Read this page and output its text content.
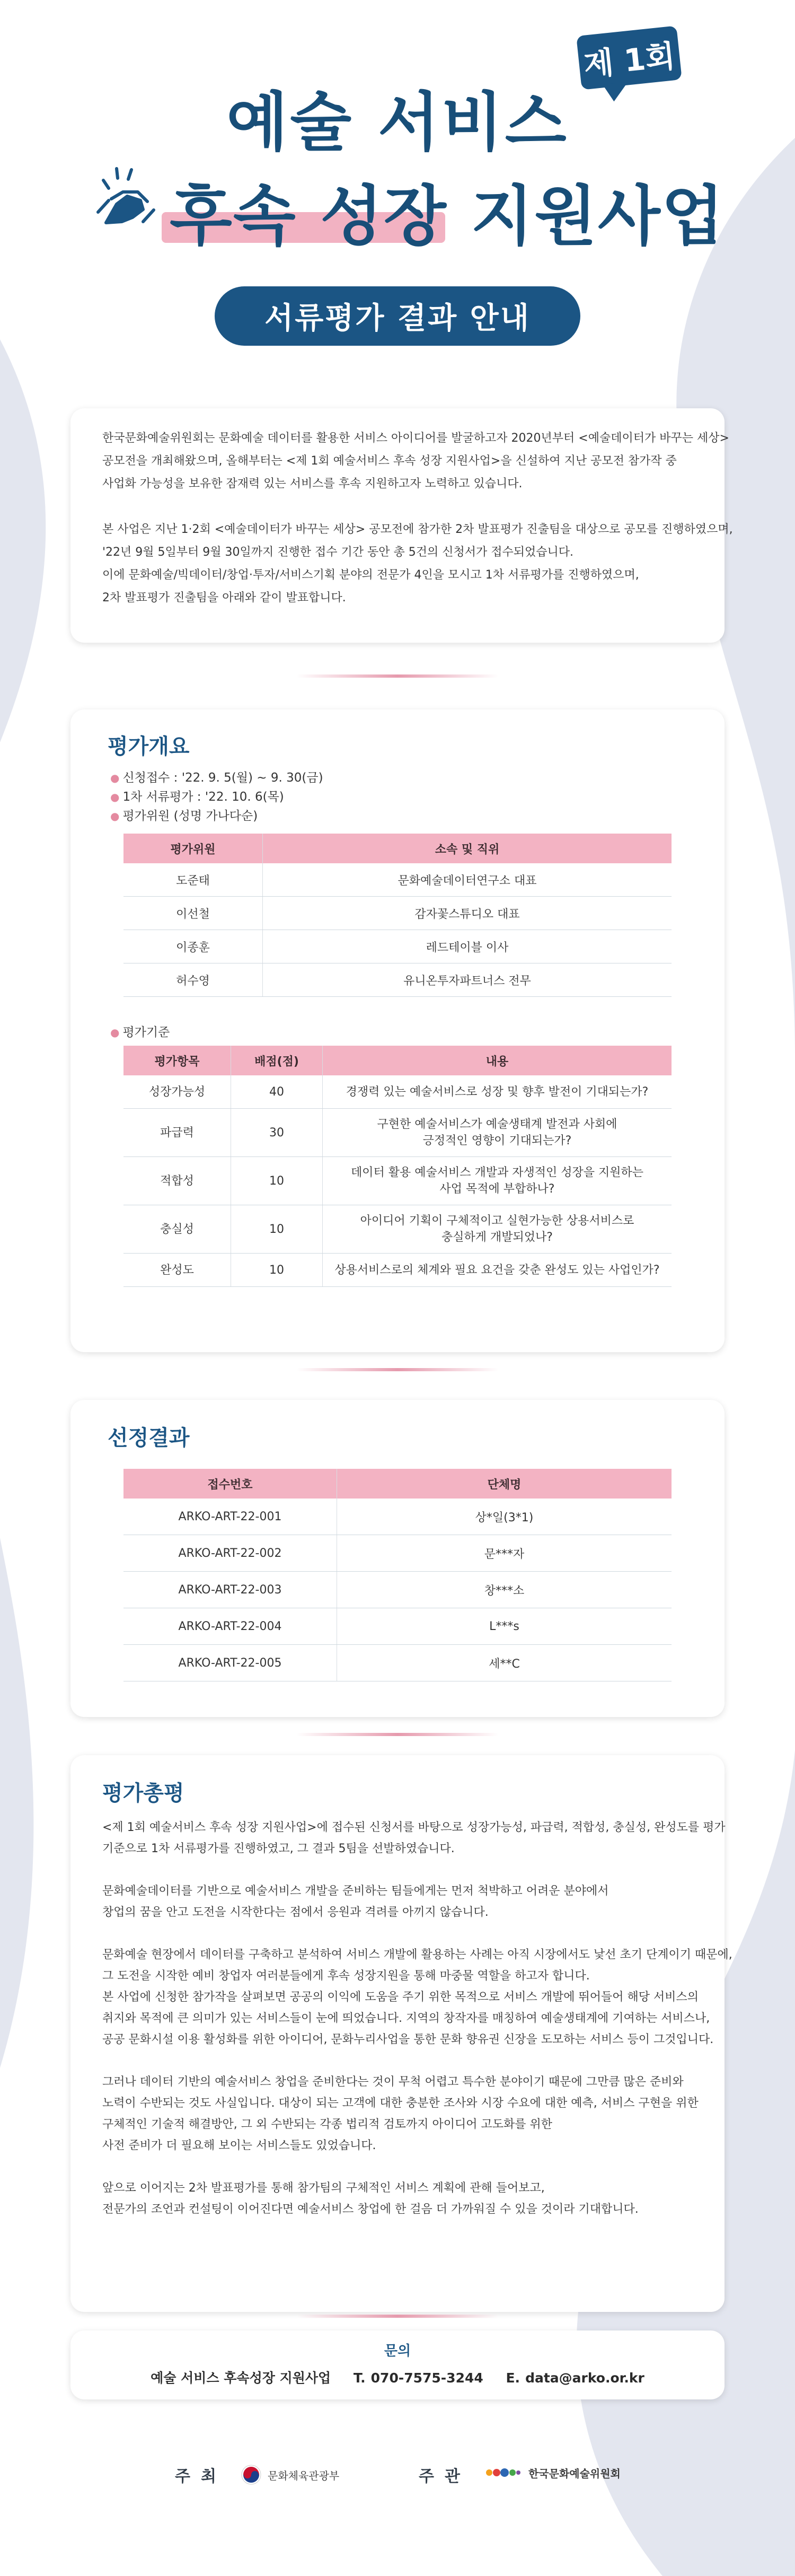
제 1회
예술 서비스
후속 성장 지원사업
서류평가 결과 안내

한국문화예술위원회는 문화예술 데이터를 활용한 서비스 아이디어를 발굴하고자 2020년부터 <예술데이터가 바꾸는 세상>

공모전을 개최해왔으며, 올해부터는 <제 1회 예술서비스 후속 성장 지원사업>을 신설하여 지난 공모전 참가작 중

사업화 가능성을 보유한 잠재력 있는 서비스를 후속 지원하고자 노력하고 있습니다.

본 사업은 지난 1·2회 <예술데이터가 바꾸는 세상> 공모전에 참가한 2차 발표평가 진출팀을 대상으로 공모를 진행하였으며,

'22년 9월 5일부터 9월 30일까지 진행한 접수 기간 동안 총 5건의 신청서가 접수되었습니다.

이에 문화예술/빅데이터/창업·투자/서비스기획 분야의 전문가 4인을 모시고 1차 서류평가를 진행하였으며,

2차 발표평가 진출팀을 아래와 같이 발표합니다.

평가개요
● 신청접수 : '22. 9. 5(월) ~ 9. 30(금)
● 1차 서류평가 : '22. 10. 6(목)
● 평가위원 (성명 가나다순)
평가위원	소속 및 직위
도준태	문화예술데이터연구소 대표
이선철	감자꽃스튜디오 대표
이종훈	레드테이블 이사
허수영	유니온투자파트너스 전무
● 평가기준
평가항목	배점(점)	내용
성장가능성	40	경쟁력 있는 예술서비스로 성장 및 향후 발전이 기대되는가?
파급력	30	구현한 예술서비스가 예술생태계 발전과 사회에
긍정적인 영향이 기대되는가?
적합성	10	데이터 활용 예술서비스 개발과 자생적인 성장을 지원하는
사업 목적에 부합하나?
충실성	10	아이디어 기획이 구체적이고 실현가능한 상용서비스로
충실하게 개발되었나?
완성도	10	상용서비스로의 체계와 필요 요건을 갖춘 완성도 있는 사업인가?
선정결과
접수번호	단체명
ARKO-ART-22-001	상*일(3*1)
ARKO-ART-22-002	문***자
ARKO-ART-22-003	창***소
ARKO-ART-22-004	L***s
ARKO-ART-22-005	세**C
평가총평

<제 1회 예술서비스 후속 성장 지원사업>에 접수된 신청서를 바탕으로 성장가능성, 파급력, 적합성, 충실성, 완성도를 평가

기준으로 1차 서류평가를 진행하였고, 그 결과 5팀을 선발하였습니다.

문화예술데이터를 기반으로 예술서비스 개발을 준비하는 팀들에게는 먼저 척박하고 어려운 분야에서

창업의 꿈을 안고 도전을 시작한다는 점에서 응원과 격려를 아끼지 않습니다.

문화예술 현장에서 데이터를 구축하고 분석하여 서비스 개발에 활용하는 사례는 아직 시장에서도 낯선 초기 단계이기 때문에,

그 도전을 시작한 예비 창업자 여러분들에게 후속 성장지원을 통해 마중물 역할을 하고자 합니다.

본 사업에 신청한 참가작을 살펴보면 공공의 이익에 도움을 주기 위한 목적으로 서비스 개발에 뛰어들어 해당 서비스의

취지와 목적에 큰 의미가 있는 서비스들이 눈에 띄었습니다. 지역의 창작자를 매칭하여 예술생태계에 기여하는 서비스나,

공공 문화시설 이용 활성화를 위한 아이디어, 문화누리사업을 통한 문화 향유권 신장을 도모하는 서비스 등이 그것입니다.

그러나 데이터 기반의 예술서비스 창업을 준비한다는 것이 무척 어렵고 특수한 분야이기 때문에 그만큼 많은 준비와

노력이 수반되는 것도 사실입니다. 대상이 되는 고객에 대한 충분한 조사와 시장 수요에 대한 예측, 서비스 구현을 위한

구체적인 기술적 해결방안, 그 외 수반되는 각종 법리적 검토까지 아이디어 고도화를 위한

사전 준비가 더 필요해 보이는 서비스들도 있었습니다.

앞으로 이어지는 2차 발표평가를 통해 참가팀의 구체적인 서비스 계획에 관해 들어보고,

전문가의 조언과 컨설팅이 이어진다면 예술서비스 창업에 한 걸음 더 가까워질 수 있을 것이라 기대합니다.

문의
예술 서비스 후속성장 지원사업 T. 070-7575-3244 E. data@arko.or.kr
주최	문화체육관광부	주관	한국문화예술위원회
